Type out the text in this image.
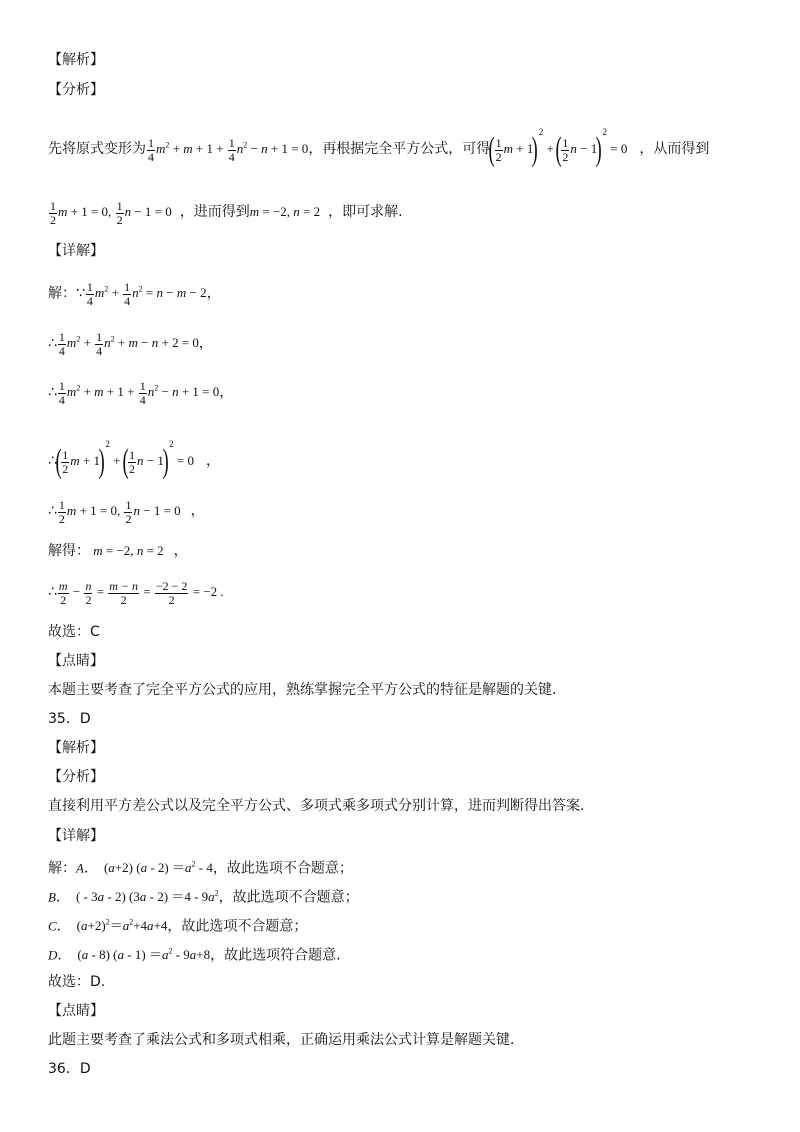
【解析】
【分析】
先将原式变形为 $\frac{1}{4} m^2 + m + 1 + \frac{1}{4} n^2 - n + 1 = 0$，再根据完全平方公式，可得( $\frac{1}{2}$ m + 1)$^2$ + ( $\frac{1}{2}$ n − 1)$^2$ = 0 ，从而得到
$\frac{1}{2}$ m + 1 = 0, $\frac{1}{2}$ n − 1 = 0 ，进而得到m = −2, n = 2 ，即可求解.
【详解】
解：∵ $\frac{1}{4} m^2 + \frac{1}{4} n^2 = n - m - 2$，
∴ $\frac{1}{4} m^2 + \frac{1}{4} n^2 + m - n + 2 = 0$，
∴ $\frac{1}{4} m^2 + m + 1 + \frac{1}{4} n^2 - n + 1 = 0$，
∴( $\frac{1}{2}$ m + 1)$^2$ + ( $\frac{1}{2}$ n − 1)$^2$ = 0 ，
∴ $\frac{1}{2}$ m + 1 = 0, $\frac{1}{2}$ n − 1 = 0 ，
解得： m = −2, n = 2 ，
∴ $\frac{m}{2} - \frac{n}{2} = \frac{m - n}{2} = \frac{-2 - 2}{2} = -2$ .
故选：C
【点睛】
本题主要考查了完全平方公式的应用，熟练掌握完全平方公式的特征是解题的关键.
35．D
【解析】
【分析】
直接利用平方差公式以及完全平方公式、多项式乘多项式分别计算，进而判断得出答案.
【详解】
解：A． (a+2) $(a - 2) =a^2 - 4$，故此选项不合题意；
B． ( - 3a - 2) $(3a - 2) =4 - 9a^2$，故此选项不合题意；
C． $(a+2)^2=a^2+4a+4$，故此选项不合题意；
D． (a - 8) $(a - 1) =a^2 - 9a+8$，故此选项符合题意.
故选：D.
【点睛】
此题主要考查了乘法公式和多项式相乘，正确运用乘法公式计算是解题关键.
36．D
